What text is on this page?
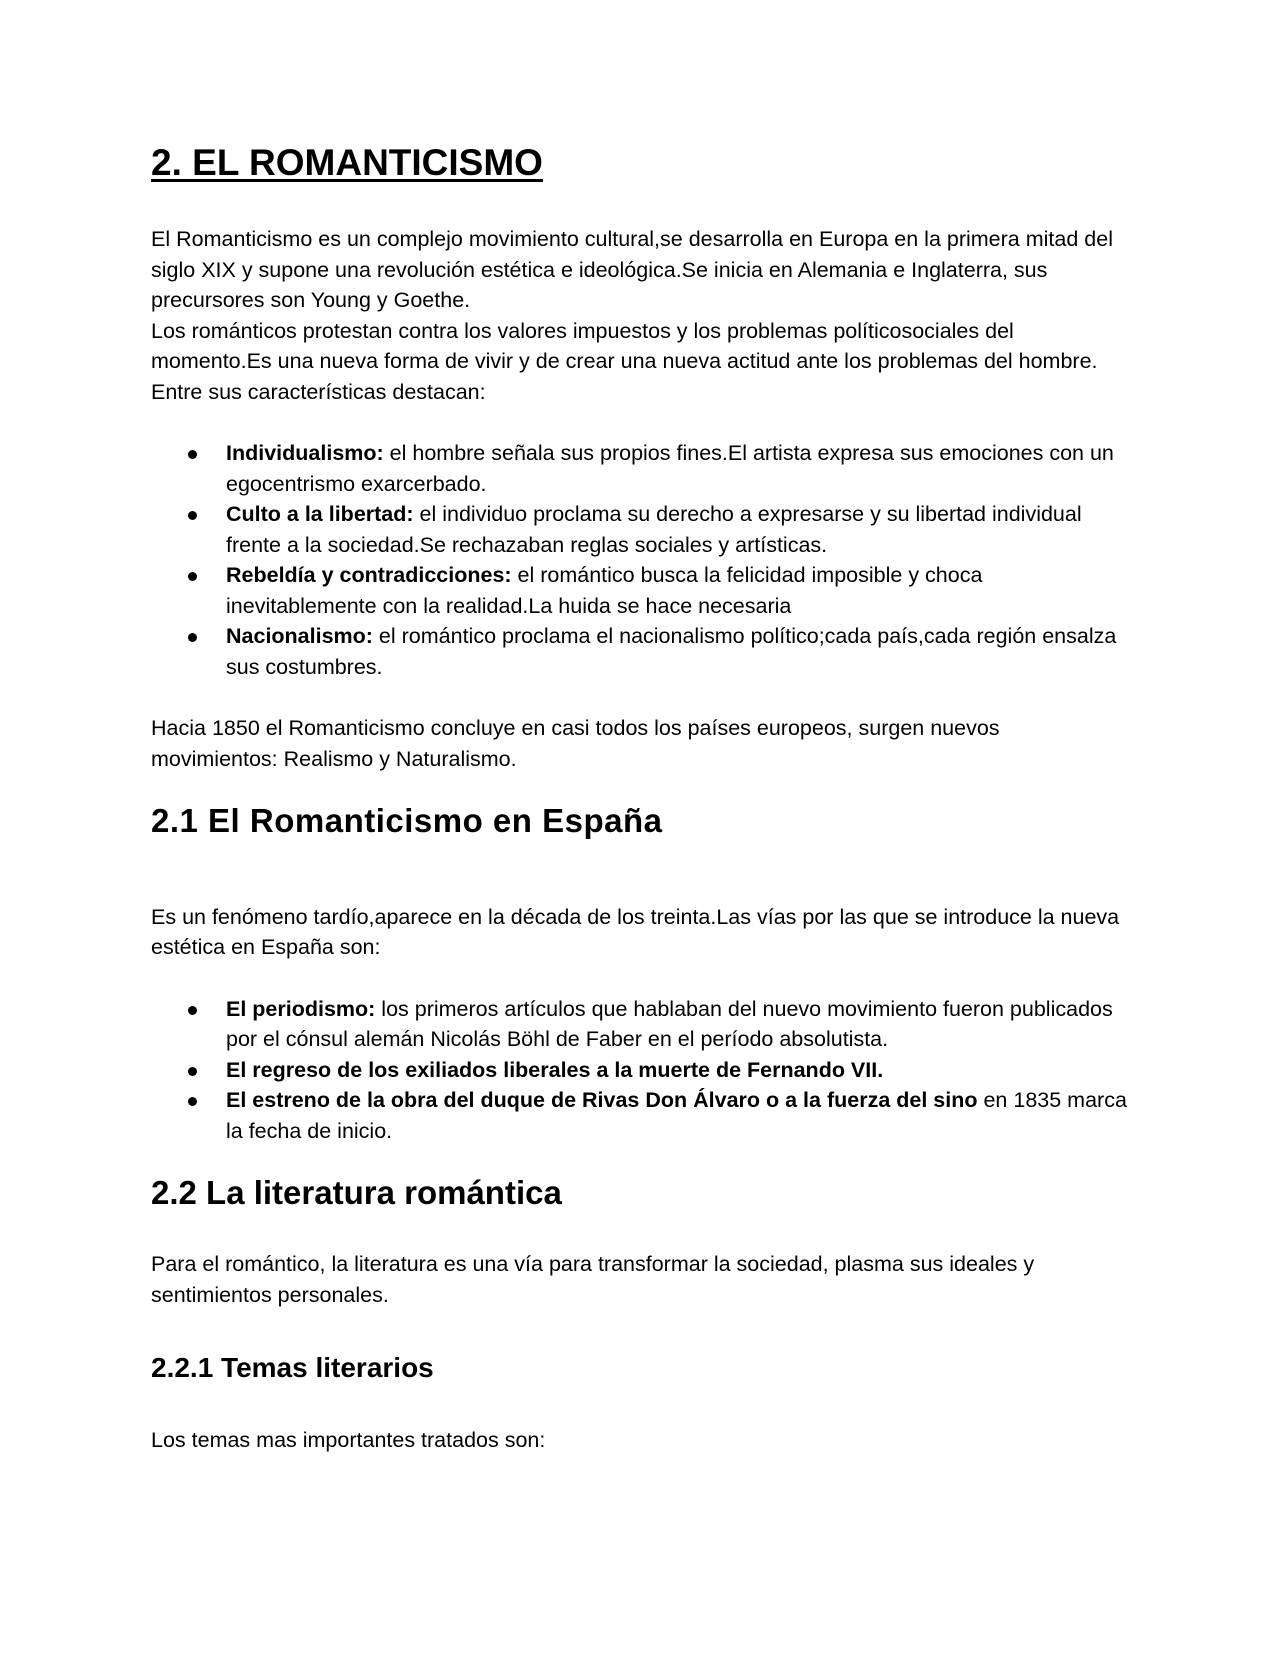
2. EL ROMANTICISMO

El Romanticismo es un complejo movimiento cultural,se desarrolla en Europa en la primera mitad del siglo XIX y supone una revolución estética e ideológica.Se inicia en Alemania e Inglaterra, sus precursores son Young y Goethe.

Los románticos protestan contra los valores impuestos y los problemas políticosociales del momento.Es una nueva forma de vivir y de crear una nueva actitud ante los problemas del hombre. Entre sus características destacan:

Individualismo: el hombre señala sus propios fines.El artista expresa sus emociones con un egocentrismo exarcerbado.
Culto a la libertad: el individuo proclama su derecho a expresarse y su libertad individual frente a la sociedad.Se rechazaban reglas sociales y artísticas.
Rebeldía y contradicciones: el romántico busca la felicidad imposible y choca inevitablemente con la realidad.La huida se hace necesaria
Nacionalismo: el romántico proclama el nacionalismo político;cada país,cada región ensalza sus costumbres.

Hacia 1850 el Romanticismo concluye en casi todos los países europeos, surgen nuevos movimientos: Realismo y Naturalismo.

2.1 El Romanticismo en España

Es un fenómeno tardío,aparece en la década de los treinta.Las vías por las que se introduce la nueva estética en España son:

El periodismo: los primeros artículos que hablaban del nuevo movimiento fueron publicados por el cónsul alemán Nicolás Böhl de Faber en el período absolutista.
El regreso de los exiliados liberales a la muerte de Fernando VII.
El estreno de la obra del duque de Rivas Don Álvaro o a la fuerza del sino en 1835 marca la fecha de inicio.
2.2 La literatura romántica

Para el romántico, la literatura es una vía para transformar la sociedad, plasma sus ideales y sentimientos personales.

2.2.1 Temas literarios

Los temas mas importantes tratados son:
